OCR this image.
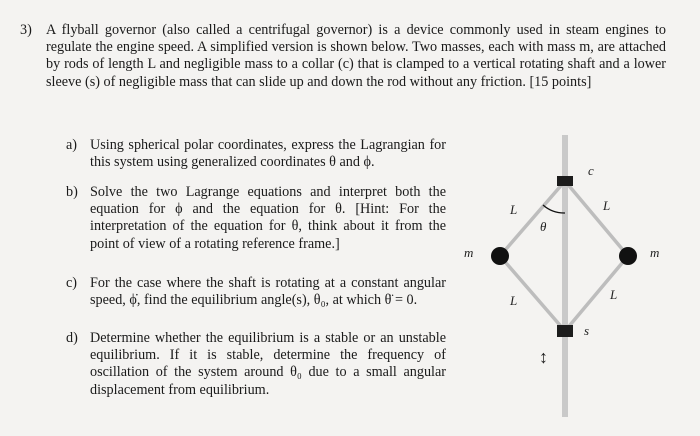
3) A flyball governor (also called a centrifugal governor) is a device commonly used in steam engines to regulate the engine speed. A simplified version is shown below. Two masses, each with mass m, are attached by rods of length L and negligible mass to a collar (c) that is clamped to a vertical rotating shaft and a lower sleeve (s) of negligible mass that can slide up and down the rod without any friction. [15 points]
a) Using spherical polar coordinates, express the Lagrangian for this system using generalized coordinates θ and ϕ.
b) Solve the two Lagrange equations and interpret both the equation for ϕ and the equation for θ. [Hint: For the interpretation of the equation for θ, think about it from the point of view of a rotating reference frame.]
c) For the case where the shaft is rotating at a constant angular speed, ϕ̇, find the equilibrium angle(s), θ₀, at which θ̈ = 0.
d) Determine whether the equilibrium is a stable or an unstable equilibrium. If it is stable, determine the frequency of oscillation of the system around θ₀ due to a small angular displacement from equilibrium.
c
s
θ
L	L
L	L
m	m
↕
